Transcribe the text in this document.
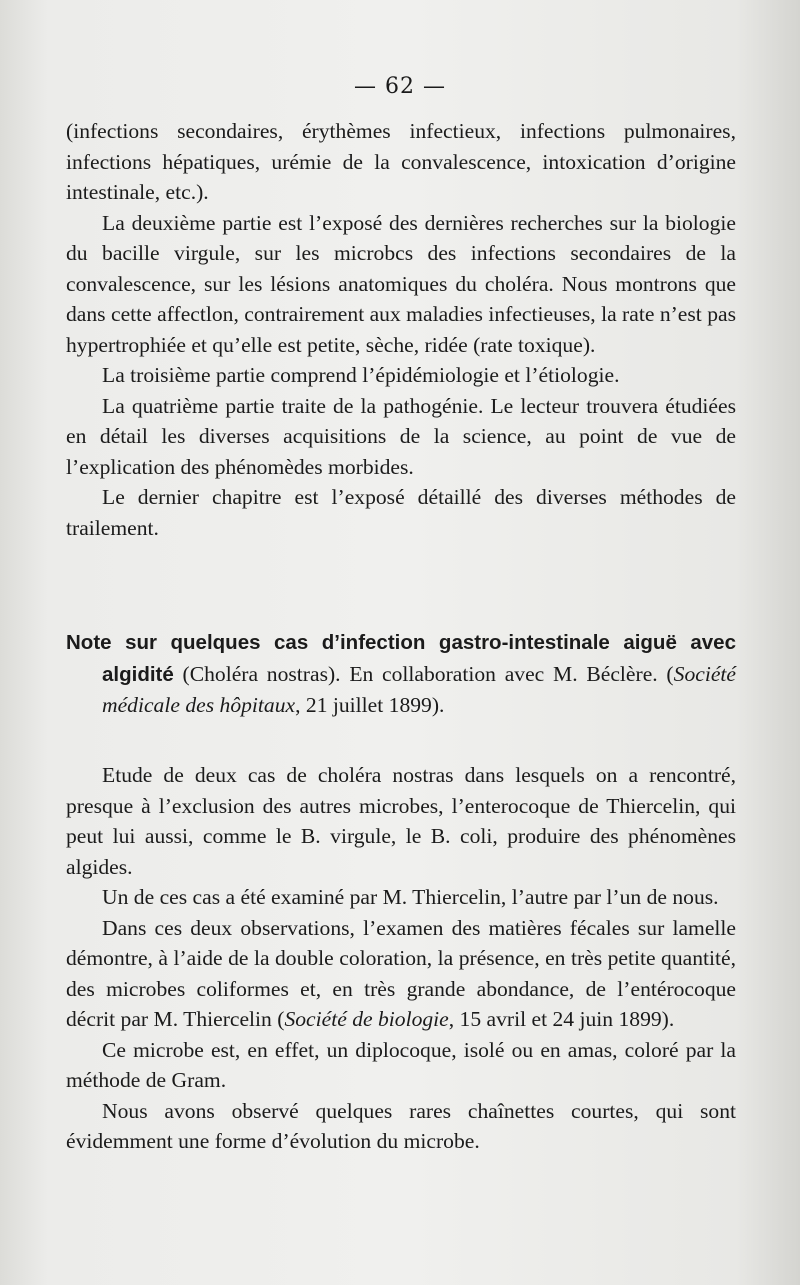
— 62 —

(infections secondaires, érythèmes infectieux, infections pulmonaires, infections hépatiques, urémie de la convalescence, intoxication d’origine intestinale, etc.).

La deuxième partie est l’exposé des dernières recherches sur la biologie du bacille virgule, sur les microbcs des infections secondaires de la convalescence, sur les lésions anatomiques du choléra. Nous montrons que dans cette affectlon, contrairement aux maladies infectieuses, la rate n’est pas hypertrophiée et qu’elle est petite, sèche, ridée (rate toxique).

La troisième partie comprend l’épidémiologie et l’étiologie.

La quatrième partie traite de la pathogénie. Le lecteur trouvera étudiées en détail les diverses acquisitions de la science, au point de vue de l’explication des phénomèdes morbides.

Le dernier chapitre est l’exposé détaillé des diverses méthodes de trailement.

Note sur quelques cas d’infection gastro-intestinale aiguë avec algidité (Choléra nostras). En collaboration avec M. Béclère. (Société médicale des hôpitaux, 21 juillet 1899).

Etude de deux cas de choléra nostras dans lesquels on a rencontré, presque à l’exclusion des autres microbes, l’enterocoque de Thiercelin, qui peut lui aussi, comme le B. virgule, le B. coli, produire des phénomènes algides.

Un de ces cas a été examiné par M. Thiercelin, l’autre par l’un de nous.

Dans ces deux observations, l’examen des matières fécales sur lamelle démontre, à l’aide de la double coloration, la présence, en très petite quantité, des microbes coliformes et, en très grande abondance, de l’entérocoque décrit par M. Thiercelin (Société de biologie, 15 avril et 24 juin 1899).

Ce microbe est, en effet, un diplocoque, isolé ou en amas, coloré par la méthode de Gram.

Nous avons observé quelques rares chaînettes courtes, qui sont évidemment une forme d’évolution du microbe.
